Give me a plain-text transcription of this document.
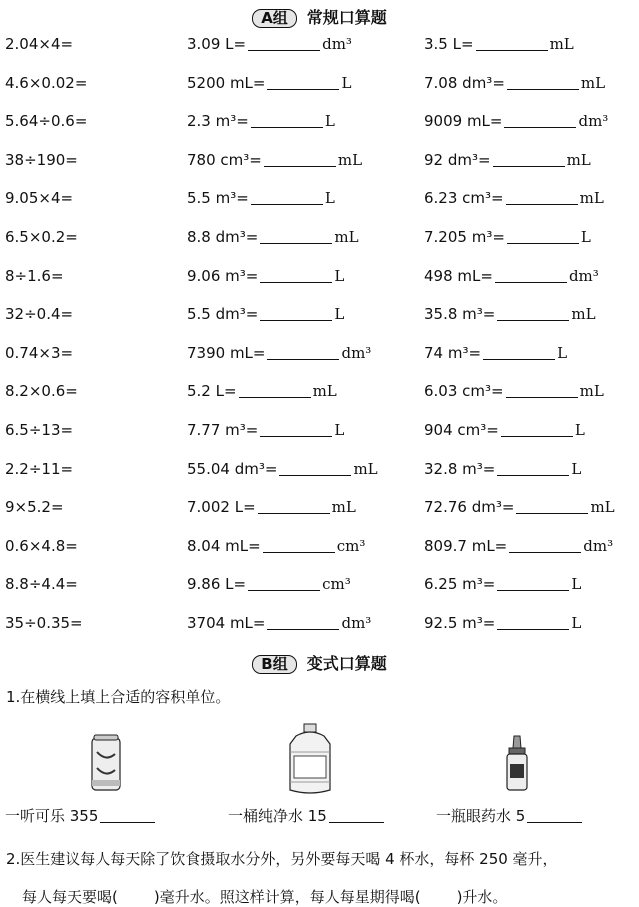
A组 常规口算题
2.04×4=	3.09 L=	dm³	3.5 L=	mL
4.6×0.02=	5200 mL=	L	7.08 dm³=	mL
5.64÷0.6=	2.3 m³=	L	9009 mL=	dm³
38÷190=	780 cm³=	mL	92 dm³=	mL
9.05×4=	5.5 m³=	L	6.23 cm³=	mL
6.5×0.2=	8.8 dm³=	mL	7.205 m³=	L
8÷1.6=	9.06 m³=	L	498 mL=	dm³
32÷0.4=	5.5 dm³=	L	35.8 m³=	mL
0.74×3=	7390 mL=	dm³	74 m³=	L
8.2×0.6=	5.2 L=	mL	6.03 cm³=	mL
6.5÷13=	7.77 m³=	L	904 cm³=	L
2.2÷11=	55.04 dm³=	mL	32.8 m³=	L
9×5.2=	7.002 L=	mL	72.76 dm³=	mL
0.6×4.8=	8.04 mL=	cm³	809.7 mL=	dm³
8.8÷4.4=	9.86 L=	cm³	6.25 m³=	L
35÷0.35=	3704 mL=	dm³	92.5 m³=	L
B组 变式口算题
1.在横线上填上合适的容积单位。
一听可乐 355	一桶纯净水 15	一瓶眼药水 5
2.医生建议每人每天除了饮食摄取水分外，另外要每天喝 4 杯水，每杯 250 毫升，
每人每天要喝( )毫升水。照这样计算，每人每星期得喝( )升水。
